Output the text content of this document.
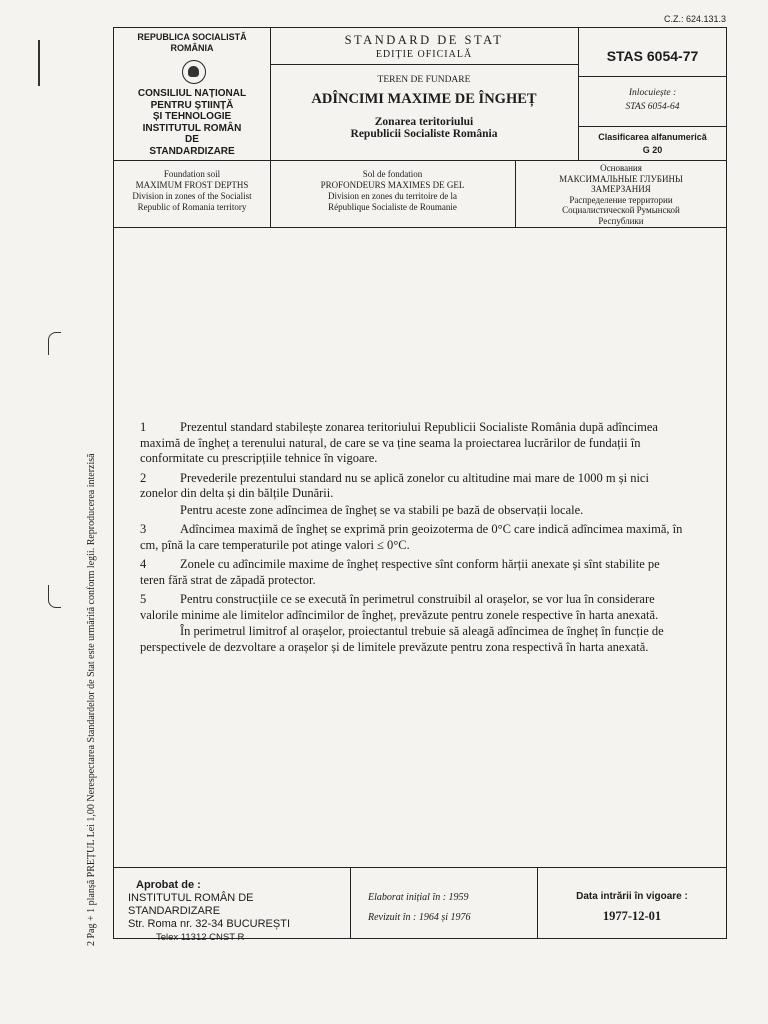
C.Z.: 624.131.3
REPUBLICA SOCIALISTĂ
ROMÂNIA
CONSILIUL NAȚIONAL
PENTRU ȘTIINȚĂ
ȘI TEHNOLOGIE
INSTITUTUL ROMÂN
DE
STANDARDIZARE
STANDARD DE STAT
EDIȚIE OFICIALĂ
TEREN DE FUNDARE
ADÎNCIMI MAXIME DE ÎNGHEȚ
Zonarea teritoriului
Republicii Socialiste România
STAS 6054-77
Inlocuiește :
STAS 6054-64
Clasificarea alfanumerică
G 20
Foundation soil
MAXIMUM FROST DEPTHS
Division in zones of the Socialist
Republic of Romania territory
Sol de fondation
PROFONDEURS MAXIMES DE GEL
Division en zones du territoire de la
République Socialiste de Roumanie
Основания
МАКСИМАЛЬНЫЕ ГЛУБИНЫ
ЗАМЕРЗАНИЯ
Распределение территории
Социалистической Румынской
Республики

1	Prezentul standard stabilește zonarea teritoriului Republicii Socialiste România după adîncimea maximă de îngheț a terenului natural, de care se va ține seama la proiectarea lucrărilor de fundații în conformitate cu prescripțiile tehnice în vigoare.

2	Prevederile prezentului standard nu se aplică zonelor cu altitudine mai mare de 1000 m și nici zonelor din delta și din bălțile Dunării.

Pentru aceste zone adîncimea de îngheț se va stabili pe bază de observații locale.

3	Adîncimea maximă de îngheț se exprimă prin geoizoterma de 0°C care indică adîncimea maximă, în cm, pînă la care temperaturile pot atinge valori ≤ 0°C.

4	Zonele cu adîncimile maxime de îngheț respective sînt conform hărții anexate și sînt stabilite pe teren fără strat de zăpadă protector.

5	Pentru construcțiile ce se execută în perimetrul construibil al orașelor, se vor lua în considerare valorile minime ale limitelor adîncimilor de îngheț, prevăzute pentru zonele respective în harta anexată.

În perimetrul limitrof al orașelor, proiectantul trebuie să aleagă adîncimea de îngheț în funcție de perspectivele de dezvoltare a orașelor și de limitele prevăzute pentru zona respectivă în harta anexată.

Aprobat de :
INSTITUTUL ROMÂN DE STANDARDIZARE
Str. Roma nr. 32-34 BUCUREȘTI
Telex 11312 CNST R
Elaborat inițial în : 1959
Revizuit în : 1964 și 1976
Data intrării în vigoare :
1977-12-01
2 Pag + 1 planșă PREȚUL Lei 1,00 Nerespectarea Standardelor de Stat este urmărită conform legii. Reproducerea interzisă
